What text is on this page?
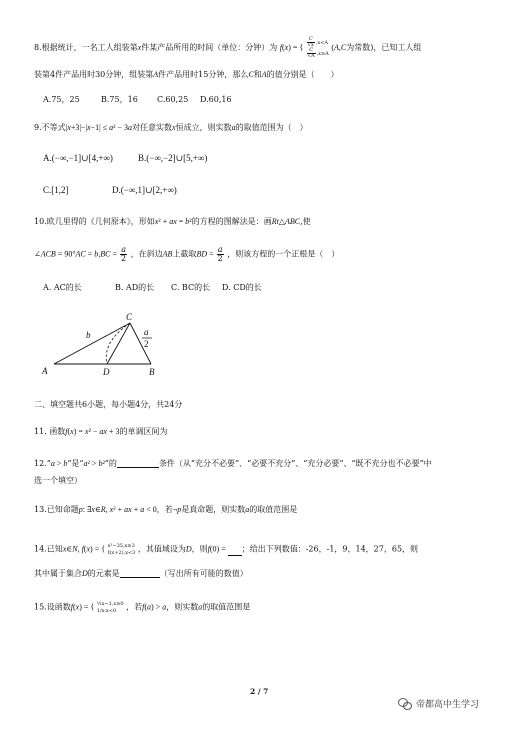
8.根据统计，一名工人组装第x件某产品所用的时间（单位：分钟）为 f(x) = { $\frac{C}{√x} ,x<A$
$\frac{C}{√A} ,x\ge A$
(A,C为常数)，已知工人组
装第4件产品用时30分钟，组装第A件产品用时15分钟，那么C和A的值分别是（　　）
A.75，25	B.75，16 C.60,25 D.60,16
9.不等式|x+3|−|x−1| ≤ a² − 3a对任意实数x恒成立，则实数a的取值范围为（　）
A.(−∞,−1]∪[4,+∞)	B.(−∞,−2]∪[5,+∞)
C.[1,2]	D.(−∞,1]∪[2,+∞)
10.欧几里得的《几何原本》，形如x² + ax = b²的方程的图解法是：画Rt△ABC,使
∠ACB = $90^\circ AC = b,BC = \frac{a}{2}$ ，在斜边AB上截取BD = $\frac{a}{2}$ ，则该方程的一个正根是（　）
A. AC的长	B. AD的长 C. BC的长 D. CD的长
A	D	B
C
b	a
2
二、填空题共6小题，每小题4分，共24分
11. 函数f(x) = x² − ax + 3的单调区间为
12.“a > b”是“a² > b²”的	条件（从“充分不必要”、“必要不充分”、“充分必要”、“既不充分也不必要”中
选一个填空）
13.已知命题p: ∃x∈R, x² + ax + a < 0，若¬p是真命题，则实数a的取值范围是
14.已知x∈N, f(x) = { x²−35,x≥3
f(x+2),x<3 ，其值域设为D，则f(0) = ；给出下列数值：-26，-1，9，14，27，65，则
其中属于集合D的元素是	（写出所有可能的数值）
15.设函数f(x) = { ½x−1,x≥0
1/x,x<0	，若f(a) > a，则实数a的取值范围是
2 / 7
帝都高中生学习
